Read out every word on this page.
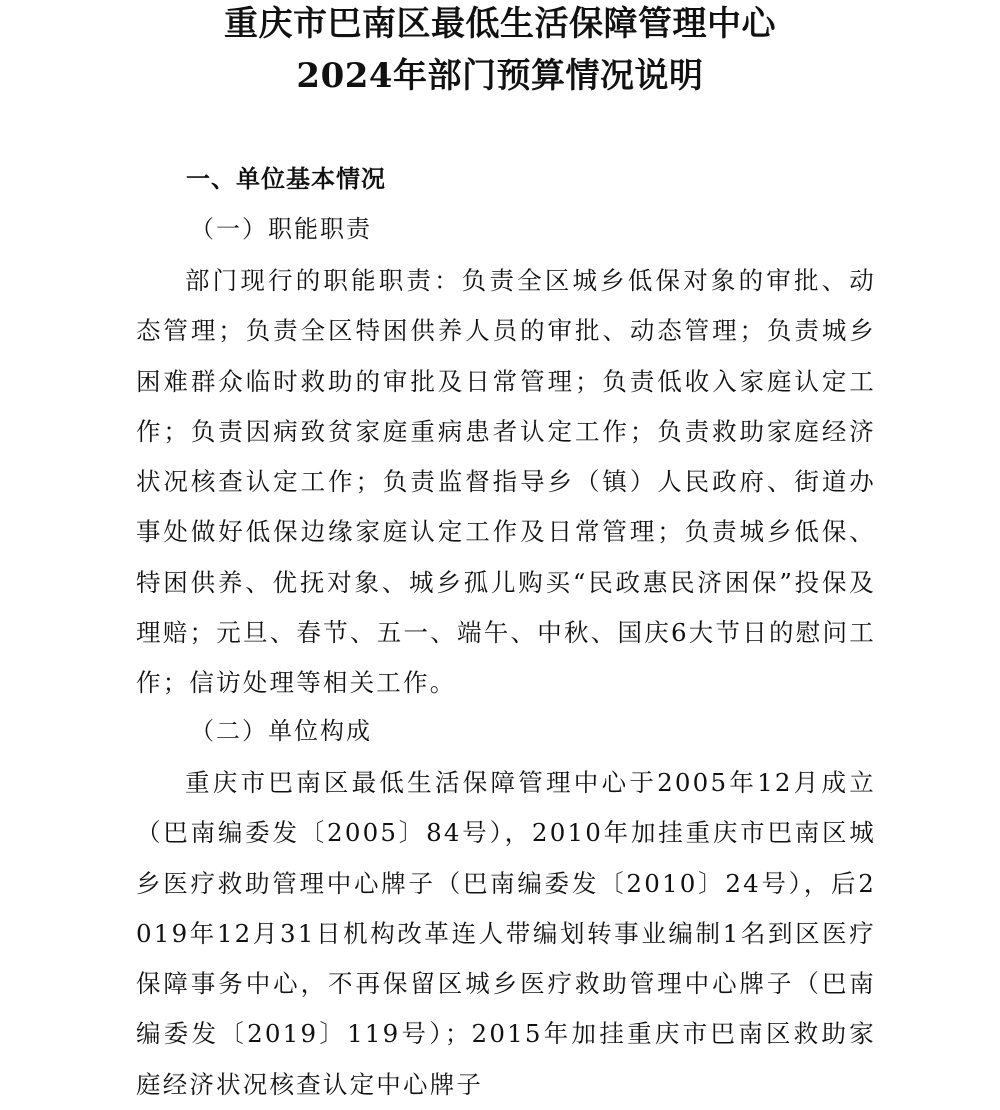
重庆市巴南区最低生活保障管理中心
2024年部门预算情况说明
一、单位基本情况
（一）职能职责
部门现行的职能职责：负责全区城乡低保对象的审批、动态管理；负责全区特困供养人员的审批、动态管理；负责城乡困难群众临时救助的审批及日常管理；负责低收入家庭认定工作；负责因病致贫家庭重病患者认定工作；负责救助家庭经济状况核查认定工作；负责监督指导乡（镇）人民政府、街道办事处做好低保边缘家庭认定工作及日常管理；负责城乡低保、特困供养、优抚对象、城乡孤儿购买“民政惠民济困保”投保及理赔；元旦、春节、五一、端午、中秋、国庆6大节日的慰问工作；信访处理等相关工作。
（二）单位构成
重庆市巴南区最低生活保障管理中心于2005年12月成立（巴南编委发〔2005〕84号），2010年加挂重庆市巴南区城乡医疗救助管理中心牌子（巴南编委发〔2010〕24号），后2019年12月31日机构改革连人带编划转事业编制1名到区医疗保障事务中心，不再保留区城乡医疗救助管理中心牌子（巴南编委发〔2019〕119号）；2015年加挂重庆市巴南区救助家庭经济状况核查认定中心牌子
